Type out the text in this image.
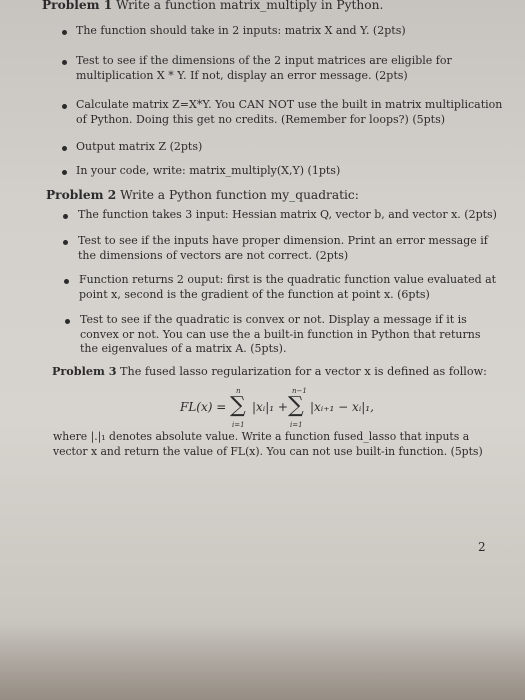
Problem 1 Write a function matrix_multiply in Python.
The function should take in 2 inputs: matrix X and Y. (2pts)
Test to see if the dimensions of the 2 input matrices are eligible for multiplication X * Y. If not, display an error message. (2pts)
Calculate matrix Z=X*Y. You CAN NOT use the built in matrix multiplication of Python. Doing this get no credits. (Remember for loops?) (5pts)
Output matrix Z (2pts)
In your code, write: matrix_multiply(X,Y) (1pts)
Problem 2 Write a Python function my_quadratic:
The function takes 3 input: Hessian matrix Q, vector b, and vector x. (2pts)
Test to see if the inputs have proper dimension. Print an error message if the dimensions of vectors are not correct. (2pts)
Function returns 2 ouput: first is the quadratic function value evaluated at point x, second is the gradient of the function at point x. (6pts)
Test to see if the quadratic is convex or not. Display a message if it is convex or not. You can use the a built-in function in Python that returns the eigenvalues of a matrix A. (5pts).
Problem 3 The fused lasso regularization for a vector x is defined as follow:
FL(x) =
n
∑
i=1
|xᵢ|₁ +
n−1
∑
i=1
|xᵢ₊₁ − xᵢ|₁,
where |.|₁ denotes absolute value. Write a function fused_lasso that inputs a vector x and return the value of FL(x). You can not use built-in function. (5pts)
2
